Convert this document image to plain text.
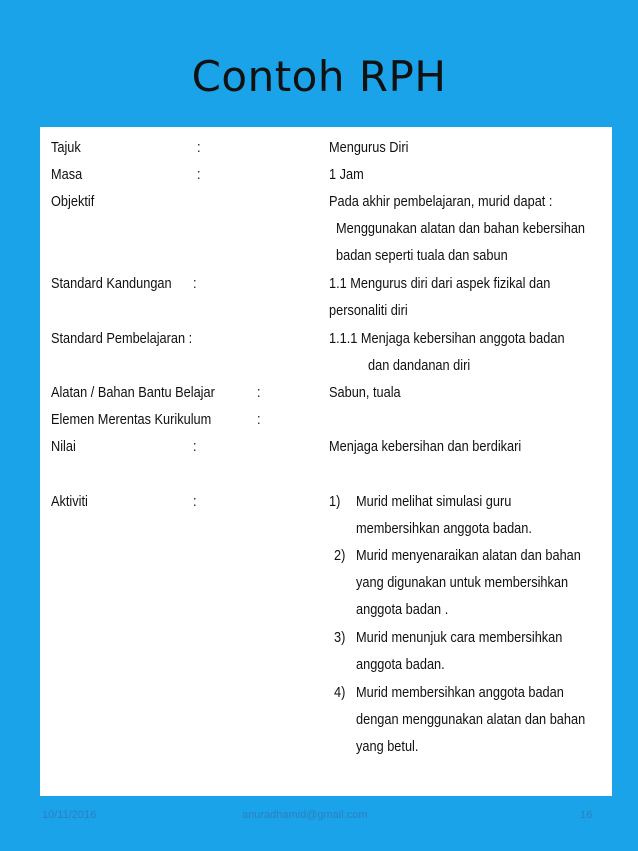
Contoh RPH
Tajuk	:	Mengurus Diri
Masa	:	1 Jam
Objektif	Pada akhir pembelajaran, murid dapat :
Menggunakan alatan dan bahan kebersihan
badan seperti tuala dan sabun
Standard Kandungan :	1.1 Mengurus diri dari aspek fizikal dan
personaliti diri
Standard Pembelajaran :	1.1.1 Menjaga kebersihan anggota badan
dan dandanan diri
Alatan / Bahan Bantu Belajar	:	Sabun, tuala
Elemen Merentas Kurikulum	:
Nilai	:	Menjaga kebersihan dan berdikari
Aktiviti	:	1) Murid melihat simulasi guru
membersihkan anggota badan.
2) Murid menyenaraikan alatan dan bahan
yang digunakan untuk membersihkan
anggota badan .
3) Murid menunjuk cara membersihkan
anggota badan.
4) Murid membersihkan anggota badan
dengan menggunakan alatan dan bahan
yang betul.
10/11/2016	anuradhamid@gmail.com	16
